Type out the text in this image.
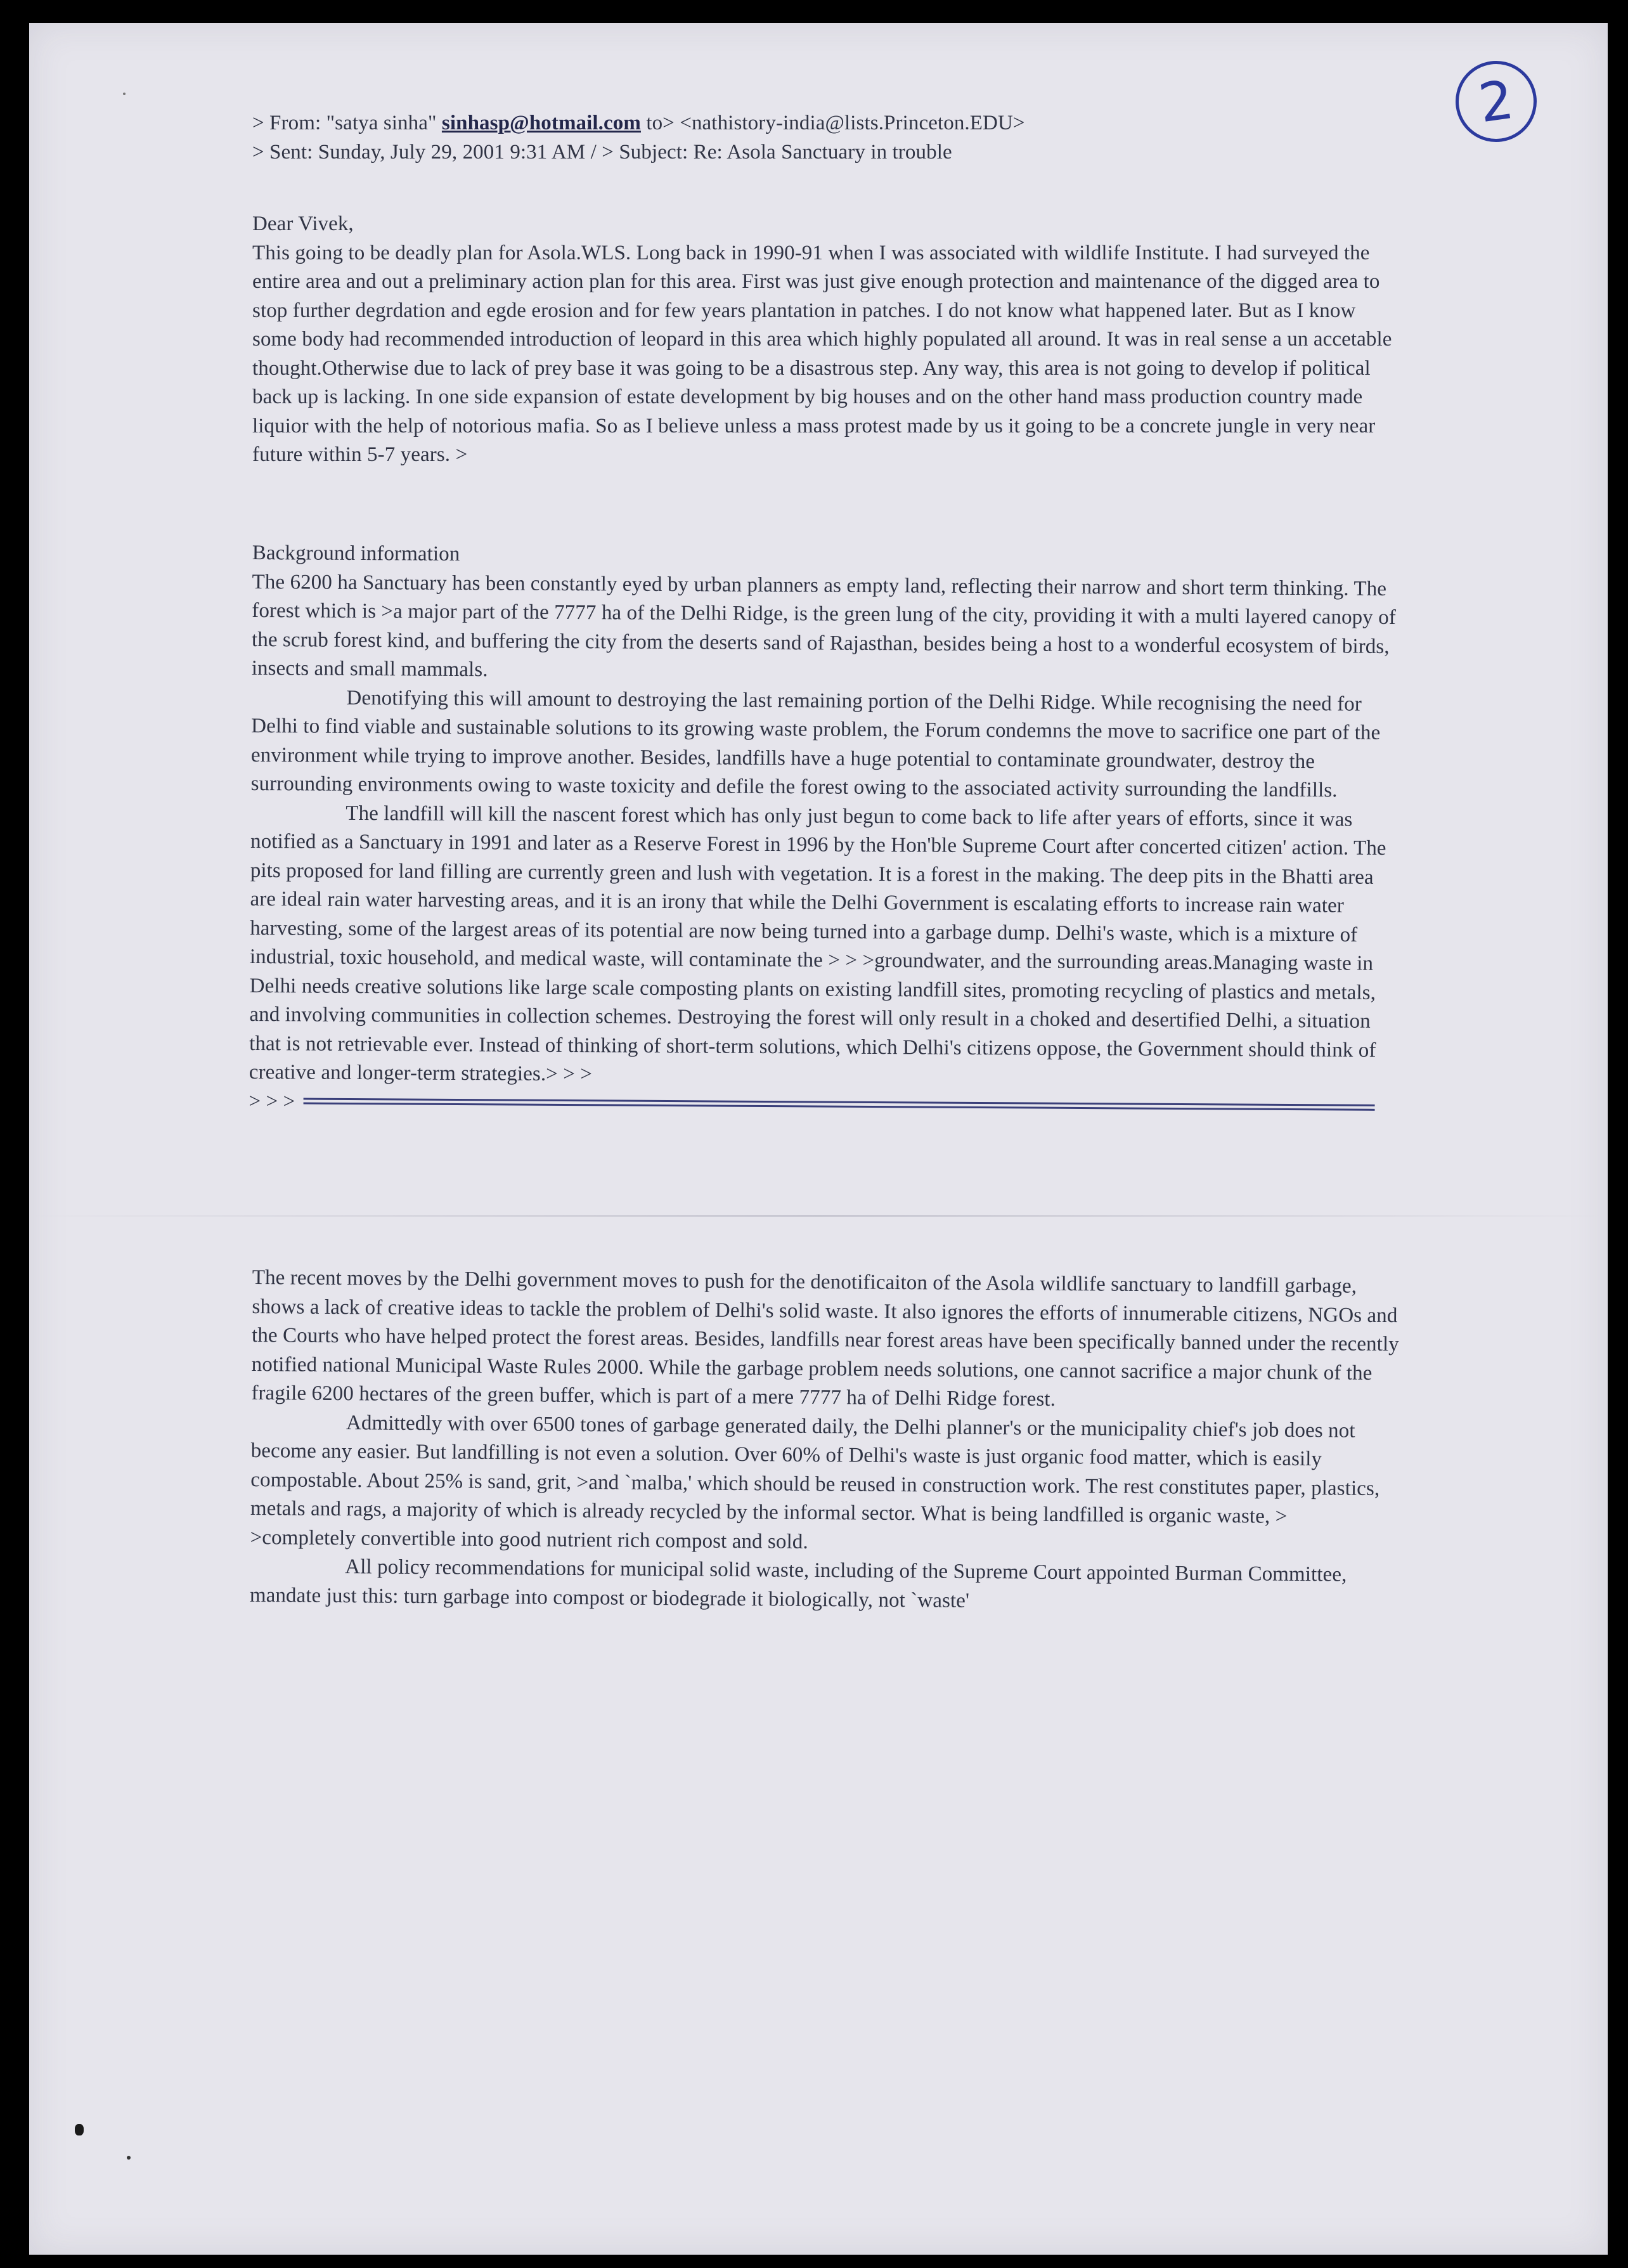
2

> From: "satya sinha" sinhasp@hotmail.com to> <nathistory-india@lists.Princeton.EDU>

> Sent: Sunday, July 29, 2001 9:31 AM / > Subject: Re: Asola Sanctuary in trouble

Dear Vivek,

This going to be deadly plan for Asola.WLS. Long back in 1990-91 when I was associated with wildlife Institute. I had surveyed the entire area and out a preliminary action plan for this area. First was just give enough protection and maintenance of the digged area to stop further degrdation and egde erosion and for few years plantation in patches. I do not know what happened later. But as I know some body had recommended introduction of leopard in this area which highly populated all around. It was in real sense a un accetable thought.Otherwise due to lack of prey base it was going to be a disastrous step. Any way, this area is not going to develop if political back up is lacking. In one side expansion of estate development by big houses and on the other hand mass production country made liquior with the help of notorious mafia. So as I believe unless a mass protest made by us it going to be a concrete jungle in very near future within 5-7 years. >

Background information

The 6200 ha Sanctuary has been constantly eyed by urban planners as empty land, reflecting their narrow and short term thinking. The forest which is >a major part of the 7777 ha of the Delhi Ridge, is the green lung of the city, providing it with a multi layered canopy of the scrub forest kind, and buffering the city from the deserts sand of Rajasthan, besides being a host to a wonderful ecosystem of birds, insects and small mammals.

Denotifying this will amount to destroying the last remaining portion of the Delhi Ridge. While recognising the need for Delhi to find viable and sustainable solutions to its growing waste problem, the Forum condemns the move to sacrifice one part of the environment while trying to improve another. Besides, landfills have a huge potential to contaminate groundwater, destroy the surrounding environments owing to waste toxicity and defile the forest owing to the associated activity surrounding the landfills.

The landfill will kill the nascent forest which has only just begun to come back to life after years of efforts, since it was notified as a Sanctuary in 1991 and later as a Reserve Forest in 1996 by the Hon'ble Supreme Court after concerted citizen' action. The pits proposed for land filling are currently green and lush with vegetation. It is a forest in the making. The deep pits in the Bhatti area are ideal rain water harvesting areas, and it is an irony that while the Delhi Government is escalating efforts to increase rain water harvesting, some of the largest areas of its potential are now being turned into a garbage dump. Delhi's waste, which is a mixture of industrial, toxic household, and medical waste, will contaminate the > > >groundwater, and the surrounding areas.Managing waste in Delhi needs creative solutions like large scale composting plants on existing landfill sites, promoting recycling of plastics and metals, and involving communities in collection schemes. Destroying the forest will only result in a choked and desertified Delhi, a situation that is not retrievable ever. Instead of thinking of short-term solutions, which Delhi's citizens oppose, the Government should think of creative and longer-term strategies.> > >

> > >

The recent moves by the Delhi government moves to push for the denotificaiton of the Asola wildlife sanctuary to landfill garbage, shows a lack of creative ideas to tackle the problem of Delhi's solid waste. It also ignores the efforts of innumerable citizens, NGOs and the Courts who have helped protect the forest areas. Besides, landfills near forest areas have been specifically banned under the recently notified national Municipal Waste Rules 2000. While the garbage problem needs solutions, one cannot sacrifice a major chunk of the fragile 6200 hectares of the green buffer, which is part of a mere 7777 ha of Delhi Ridge forest.

Admittedly with over 6500 tones of garbage generated daily, the Delhi planner's or the municipality chief's job does not become any easier. But landfilling is not even a solution. Over 60% of Delhi's waste is just organic food matter, which is easily compostable. About 25% is sand, grit, >and `malba,' which should be reused in construction work. The rest constitutes paper, plastics, metals and rags, a majority of which is already recycled by the informal sector. What is being landfilled is organic waste, > >completely convertible into good nutrient rich compost and sold.

All policy recommendations for municipal solid waste, including of the Supreme Court appointed Burman Committee, mandate just this: turn garbage into compost or biodegrade it biologically, not `waste'
